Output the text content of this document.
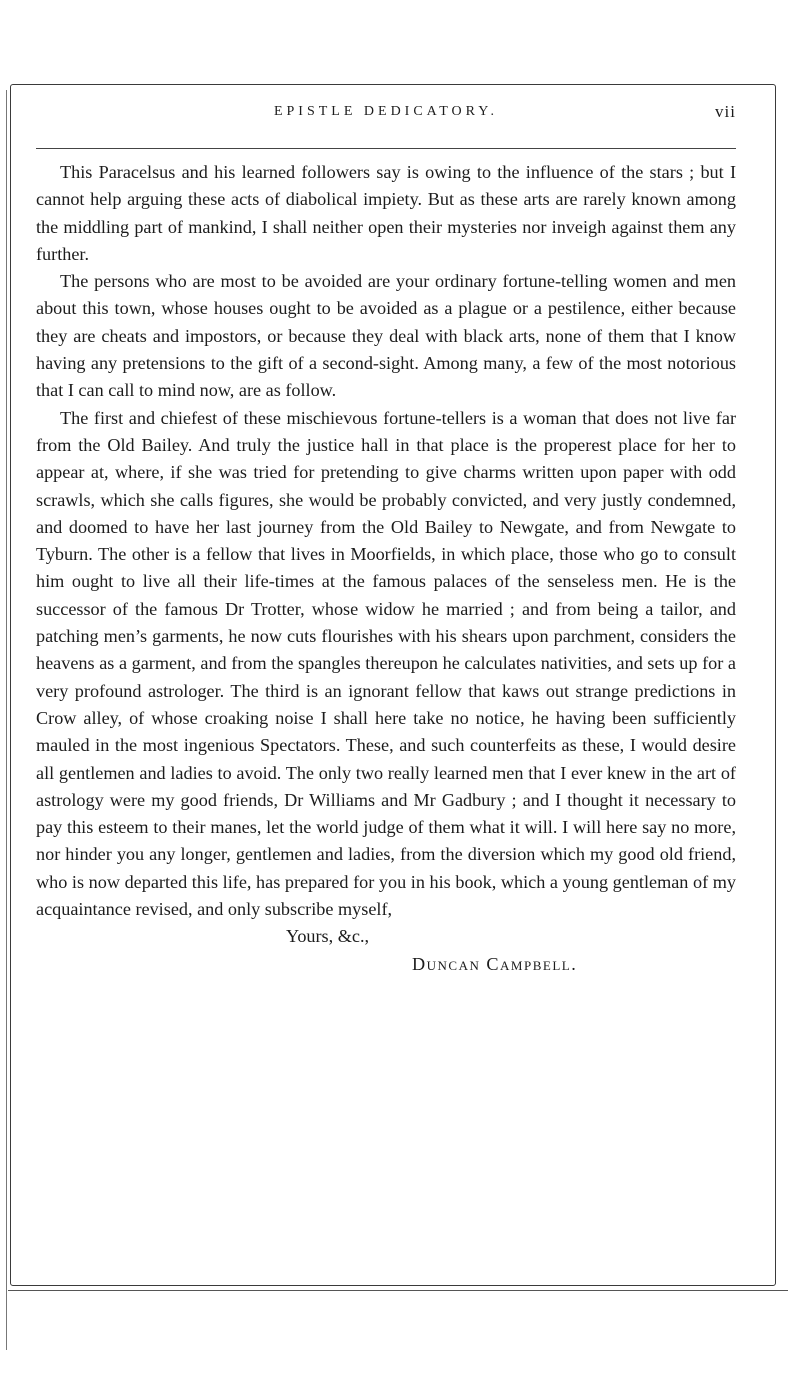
EPISTLE DEDICATORY.	vii

This Paracelsus and his learned followers say is owing to the influence of the stars ; but I cannot help arguing these acts of diabolical impiety. But as these arts are rarely known among the middling part of mankind, I shall neither open their mysteries nor inveigh against them any further.

The persons who are most to be avoided are your ordinary fortune-telling women and men about this town, whose houses ought to be avoided as a plague or a pestilence, either because they are cheats and impostors, or because they deal with black arts, none of them that I know having any pretensions to the gift of a second-sight. Among many, a few of the most notorious that I can call to mind now, are as follow.

The first and chiefest of these mischievous fortune-tellers is a woman that does not live far from the Old Bailey. And truly the justice hall in that place is the properest place for her to appear at, where, if she was tried for pretending to give charms written upon paper with odd scrawls, which she calls figures, she would be probably convicted, and very justly condemned, and doomed to have her last journey from the Old Bailey to Newgate, and from Newgate to Tyburn. The other is a fellow that lives in Moorfields, in which place, those who go to consult him ought to live all their life-times at the famous palaces of the senseless men. He is the successor of the famous Dr Trotter, whose widow he married ; and from being a tailor, and patching men’s garments, he now cuts flourishes with his shears upon parchment, considers the heavens as a garment, and from the spangles thereupon he calculates nativities, and sets up for a very profound astrologer. The third is an ignorant fellow that kaws out strange predictions in Crow alley, of whose croaking noise I shall here take no notice, he having been sufficiently mauled in the most ingenious Spectators. These, and such counterfeits as these, I would desire all gentlemen and ladies to avoid. The only two really learned men that I ever knew in the art of astrology were my good friends, Dr Williams and Mr Gadbury ; and I thought it necessary to pay this esteem to their manes, let the world judge of them what it will. I will here say no more, nor hinder you any longer, gentlemen and ladies, from the diversion which my good old friend, who is now departed this life, has prepared for you in his book, which a young gentleman of my acquaintance revised, and only subscribe myself,

Yours, &c.,
Duncan Campbell.
